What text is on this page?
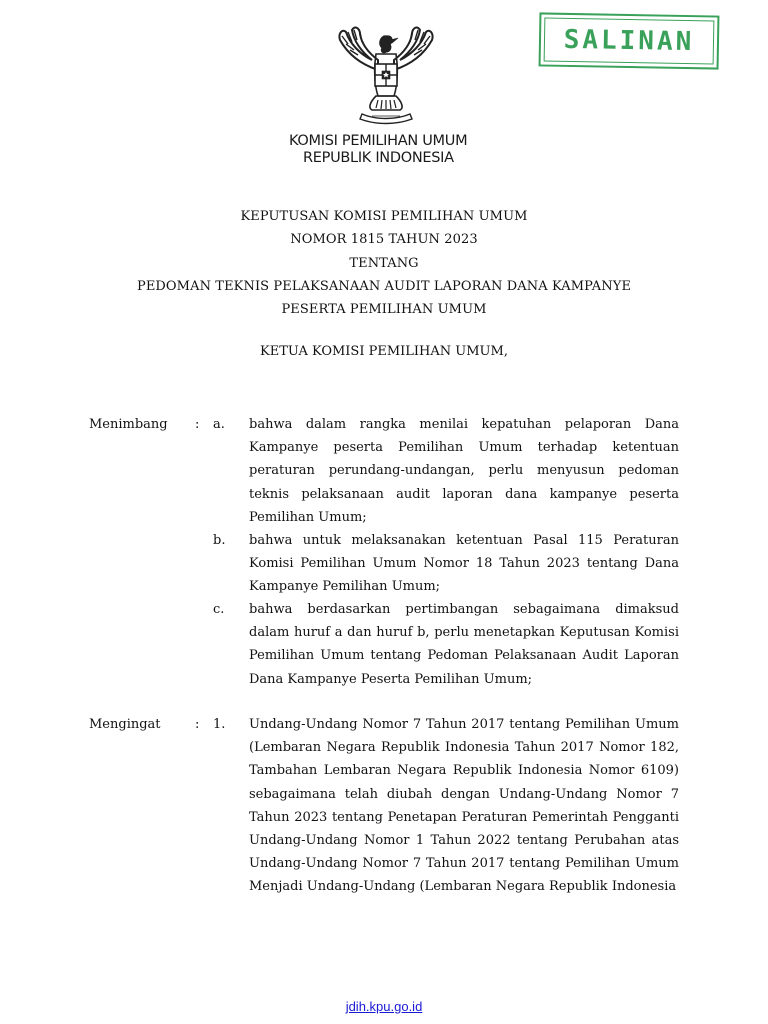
KOMISI PEMILIHAN UMUM
REPUBLIK INDONESIA
SALINAN
KEPUTUSAN KOMISI PEMILIHAN UMUM
NOMOR 1815 TAHUN 2023
TENTANG
PEDOMAN TEKNIS PELAKSANAAN AUDIT LAPORAN DANA KAMPANYE
PESERTA PEMILIHAN UMUM
KETUA KOMISI PEMILIHAN UMUM,
Menimbang : a. bahwa dalam rangka menilai kepatuhan pelaporan Dana Kampanye peserta Pemilihan Umum terhadap ketentuan peraturan perundang-undangan, perlu menyusun pedoman teknis pelaksanaan audit laporan dana kampanye peserta Pemilihan Umum;

b. bahwa untuk melaksanakan ketentuan Pasal 115 Peraturan Komisi Pemilihan Umum Nomor 18 Tahun 2023 tentang Dana Kampanye Pemilihan Umum;

c. bahwa berdasarkan pertimbangan sebagaimana dimaksud dalam huruf a dan huruf b, perlu menetapkan Keputusan Komisi Pemilihan Umum tentang Pedoman Pelaksanaan Audit Laporan Dana Kampanye Peserta Pemilihan Umum;

Mengingat	: 1. Undang-Undang Nomor 7 Tahun 2017 tentang Pemilihan Umum (Lembaran Negara Republik Indonesia Tahun 2017 Nomor 182, Tambahan Lembaran Negara Republik Indonesia Nomor 6109) sebagaimana telah diubah dengan Undang-Undang Nomor 7 Tahun 2023 tentang Penetapan Peraturan Pemerintah Pengganti Undang-Undang Nomor 1 Tahun 2022 tentang Perubahan atas Undang-Undang Nomor 7 Tahun 2017 tentang Pemilihan Umum Menjadi Undang-Undang (Lembaran Negara Republik Indonesia

jdih.kpu.go.id
